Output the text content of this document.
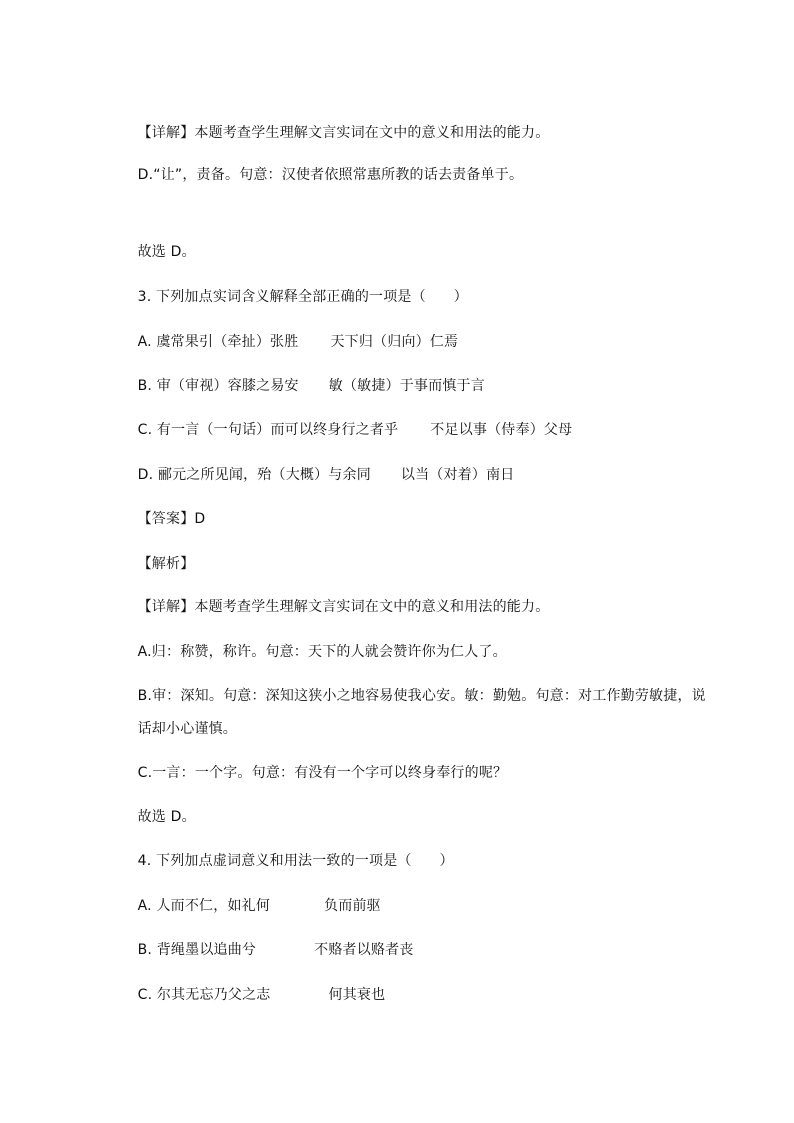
【详解】本题考查学生理解文言实词在文中的意义和用法的能力。

D.“让”，责备。句意：汉使者依照常惠所教的话去责备单于。

故选 D。

3. 下列加点实词含义解释全部正确的一项是（      ）

A. 虞常果引（牵扯）张胜 天下归（归向）仁焉

B. 审（审视）容膝之易安 敏（敏捷）于事而慎于言

C. 有一言（一句话）而可以终身行之者乎 不足以事（侍奉）父母

D. 郦元之所见闻，殆（大概）与余同 以当（对着）南日

【答案】D

【解析】

【详解】本题考查学生理解文言实词在文中的意义和用法的能力。

A.归：称赞，称许。句意：天下的人就会赞许你为仁人了。

B.审：深知。句意：深知这狭小之地容易使我心安。敏：勤勉。句意：对工作勤劳敏捷，说

话却小心谨慎。

C.一言：一个字。句意：有没有一个字可以终身奉行的呢？

故选 D。

4. 下列加点虚词意义和用法一致的一项是（      ）

A. 人而不仁，如礼何	负而前驱

B. 背绳墨以追曲兮	不赂者以赂者丧

C. 尔其无忘乃父之志	何其衰也
